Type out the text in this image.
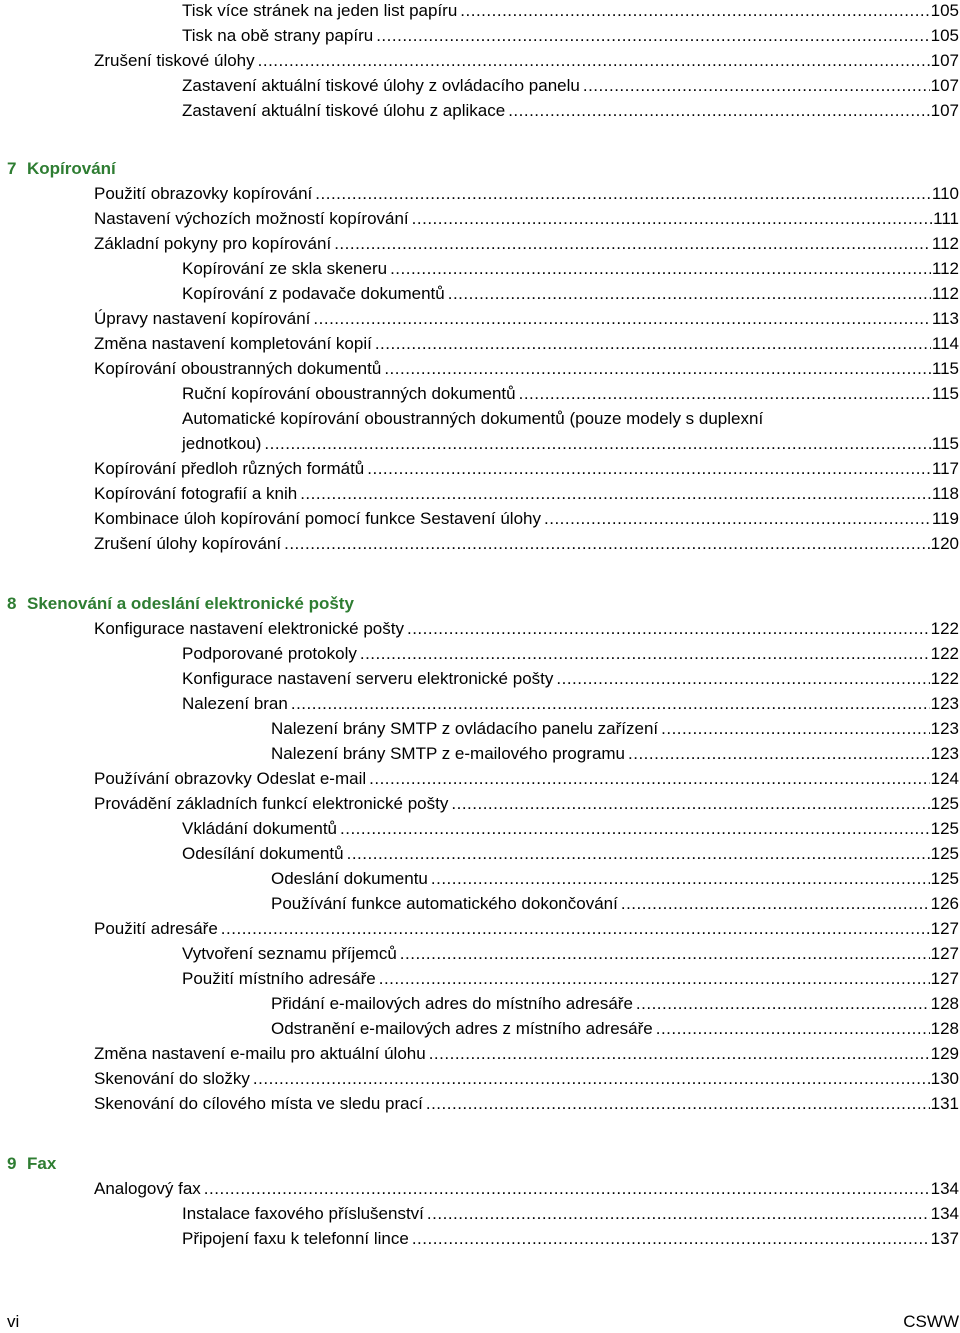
Tisk více stránek na jeden list papíru .....	105
Tisk na obě strany papíru .....	105
Zrušení tiskové úlohy .....	107
Zastavení aktuální tiskové úlohy z ovládacího panelu .....	107
Zastavení aktuální tiskové úlohu z aplikace .....	107
7 Kopírování
Použití obrazovky kopírování .....	110
Nastavení výchozích možností kopírování .....	111
Základní pokyny pro kopírování .....	112
Kopírování ze skla skeneru .....	112
Kopírování z podavače dokumentů .....	112
Úpravy nastavení kopírování .....	113
Změna nastavení kompletování kopií .....	114
Kopírování oboustranných dokumentů .....	115
Ruční kopírování oboustranných dokumentů .....	115
Automatické kopírování oboustranných dokumentů (pouze modely s duplexní
jednotkou) .....	115
Kopírování předloh různých formátů .....	117
Kopírování fotografií a knih .....	118
Kombinace úloh kopírování pomocí funkce Sestavení úlohy .....	119
Zrušení úlohy kopírování .....	120
8 Skenování a odeslání elektronické pošty
Konfigurace nastavení elektronické pošty .....	122
Podporované protokoly .....	122
Konfigurace nastavení serveru elektronické pošty .....	122
Nalezení bran .....	123
Nalezení brány SMTP z ovládacího panelu zařízení .....	123
Nalezení brány SMTP z e-mailového programu .....	123
Používání obrazovky Odeslat e-mail .....	124
Provádění základních funkcí elektronické pošty .....	125
Vkládání dokumentů .....	125
Odesílání dokumentů .....	125
Odeslání dokumentu .....	125
Používání funkce automatického dokončování .....	126
Použití adresáře .....	127
Vytvoření seznamu příjemců .....	127
Použití místního adresáře .....	127
Přidání e-mailových adres do místního adresáře .....	128
Odstranění e-mailových adres z místního adresáře .....	128
Změna nastavení e-mailu pro aktuální úlohu .....	129
Skenování do složky .....	130
Skenování do cílového místa ve sledu prací .....	131
9 Fax
Analogový fax .....	134
Instalace faxového příslušenství .....	134
Připojení faxu k telefonní lince .....	137
vi	CSWW
